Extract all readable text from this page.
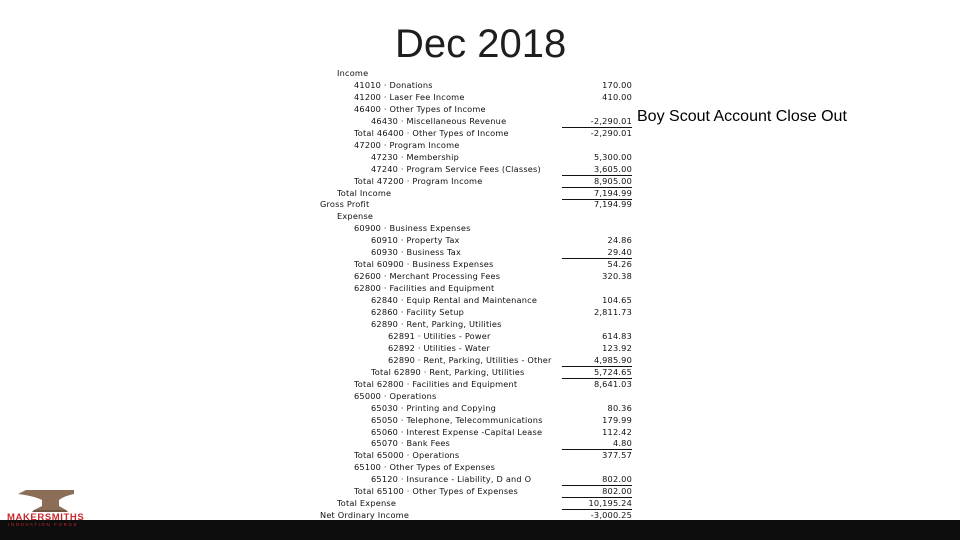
Dec 2018
Boy Scout Account Close Out
Income
41010 · Donations	170.00
41200 · Laser Fee Income	410.00
46400 · Other Types of Income
46430 · Miscellaneous Revenue	-2,290.01
Total 46400 · Other Types of Income	-2,290.01
47200 · Program Income
47230 · Membership	5,300.00
47240 · Program Service Fees (Classes)	3,605.00
Total 47200 · Program Income	8,905.00
Total Income	7,194.99
Gross Profit	7,194.99
Expense
60900 · Business Expenses
60910 · Property Tax	24.86
60930 · Business Tax	29.40
Total 60900 · Business Expenses	54.26
62600 · Merchant Processing Fees	320.38
62800 · Facilities and Equipment
62840 · Equip Rental and Maintenance	104.65
62860 · Facility Setup	2,811.73
62890 · Rent, Parking, Utilities
62891 · Utilities - Power	614.83
62892 · Utilities - Water	123.92
62890 · Rent, Parking, Utilities - Other	4,985.90
Total 62890 · Rent, Parking, Utilities	5,724.65
Total 62800 · Facilities and Equipment	8,641.03
65000 · Operations
65030 · Printing and Copying	80.36
65050 · Telephone, Telecommunications	179.99
65060 · Interest Expense -Capital Lease	112.42
65070 · Bank Fees	4.80
Total 65000 · Operations	377.57
65100 · Other Types of Expenses
65120 · Insurance - Liability, D and O	802.00
Total 65100 · Other Types of Expenses	802.00
Total Expense	10,195.24
Net Ordinary Income	-3,000.25
MAKERSMITHS
INNOVATION FORGE
